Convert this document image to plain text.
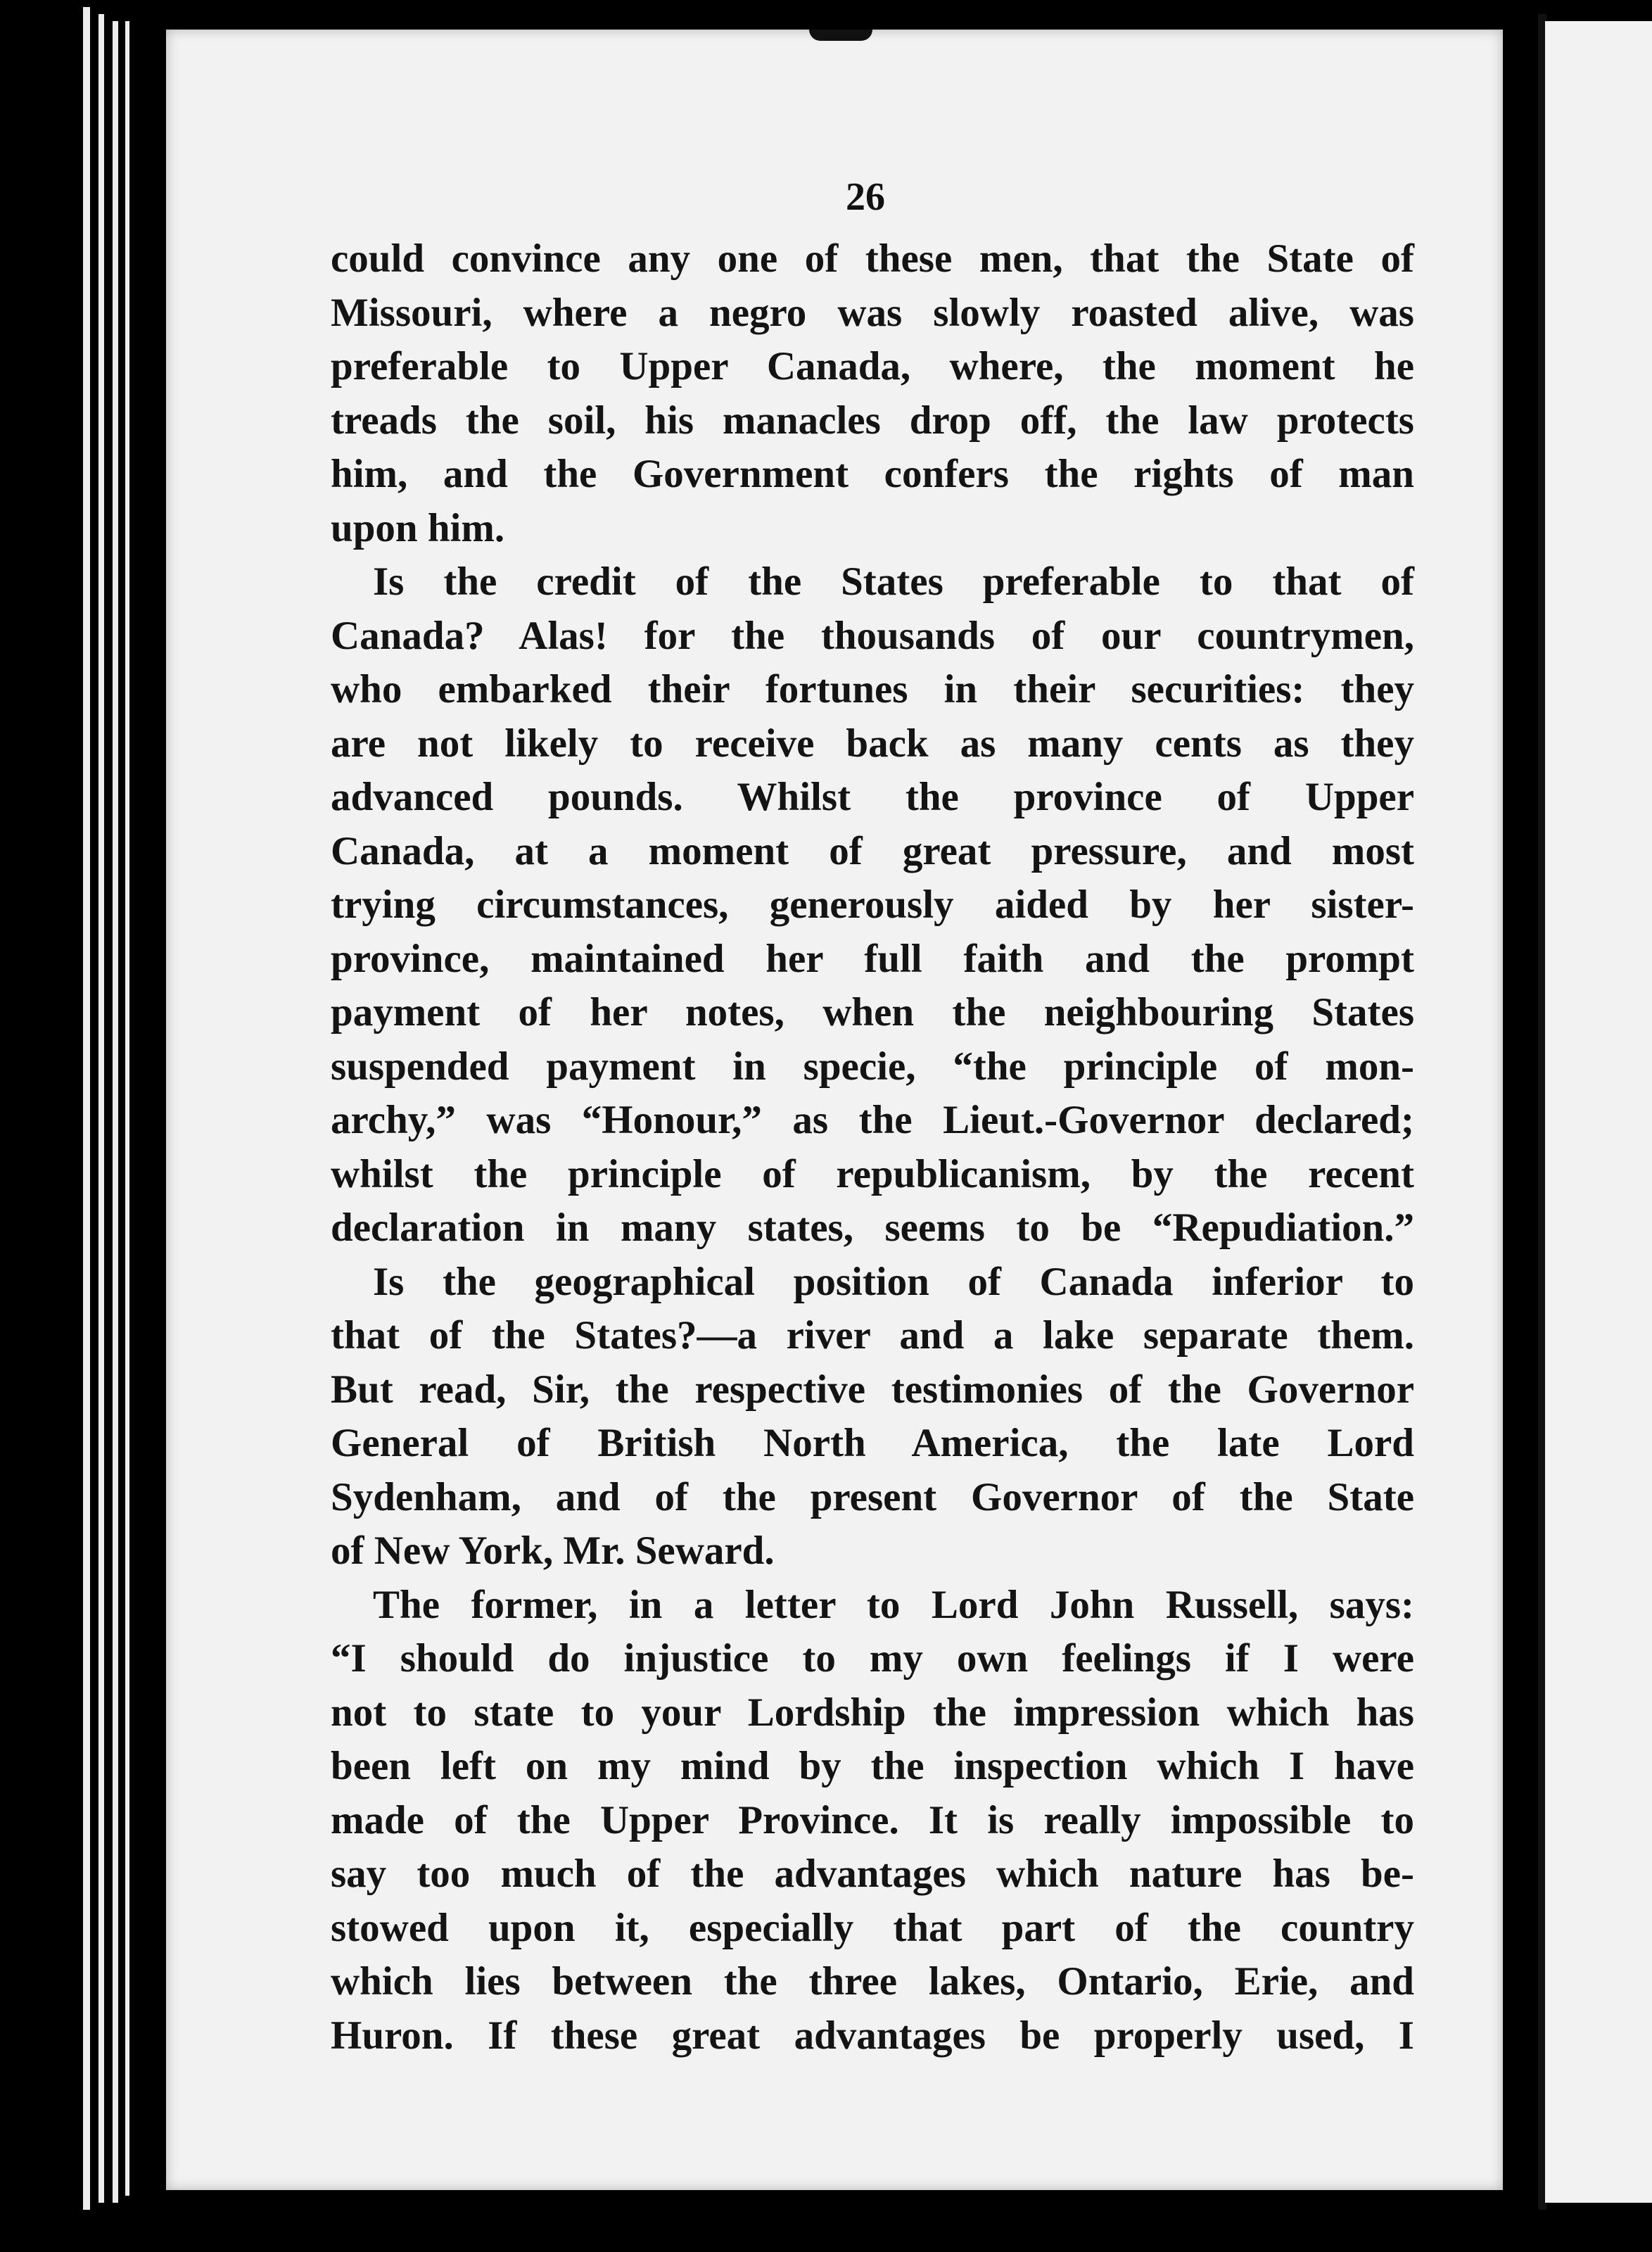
26

could convince any one of these men, that the State of
Missouri, where a negro was slowly roasted alive, was
preferable to Upper Canada, where, the moment he
treads the soil, his manacles drop off, the law protects
him, and the Government confers the rights of man
upon him.

Is the credit of the States preferable to that of
Canada? Alas! for the thousands of our countrymen,
who embarked their fortunes in their securities: they
are not likely to receive back as many cents as they
advanced pounds. Whilst the province of Upper
Canada, at a moment of great pressure, and most
trying circumstances, generously aided by her sister-
province, maintained her full faith and the prompt
payment of her notes, when the neighbouring States
suspended payment in specie, “the principle of mon-
archy,” was “Honour,” as the Lieut.-Governor declared;
whilst the principle of republicanism, by the recent
declaration in many states, seems to be “Repudiation.”

Is the geographical position of Canada inferior to
that of the States?—a river and a lake separate them.
But read, Sir, the respective testimonies of the Governor
General of British North America, the late Lord
Sydenham, and of the present Governor of the State
of New York, Mr. Seward.

The former, in a letter to Lord John Russell, says:
“I should do injustice to my own feelings if I were
not to state to your Lordship the impression which has
been left on my mind by the inspection which I have
made of the Upper Province. It is really impossible to
say too much of the advantages which nature has be-
stowed upon it, especially that part of the country
which lies between the three lakes, Ontario, Erie, and
Huron. If these great advantages be properly used, I
